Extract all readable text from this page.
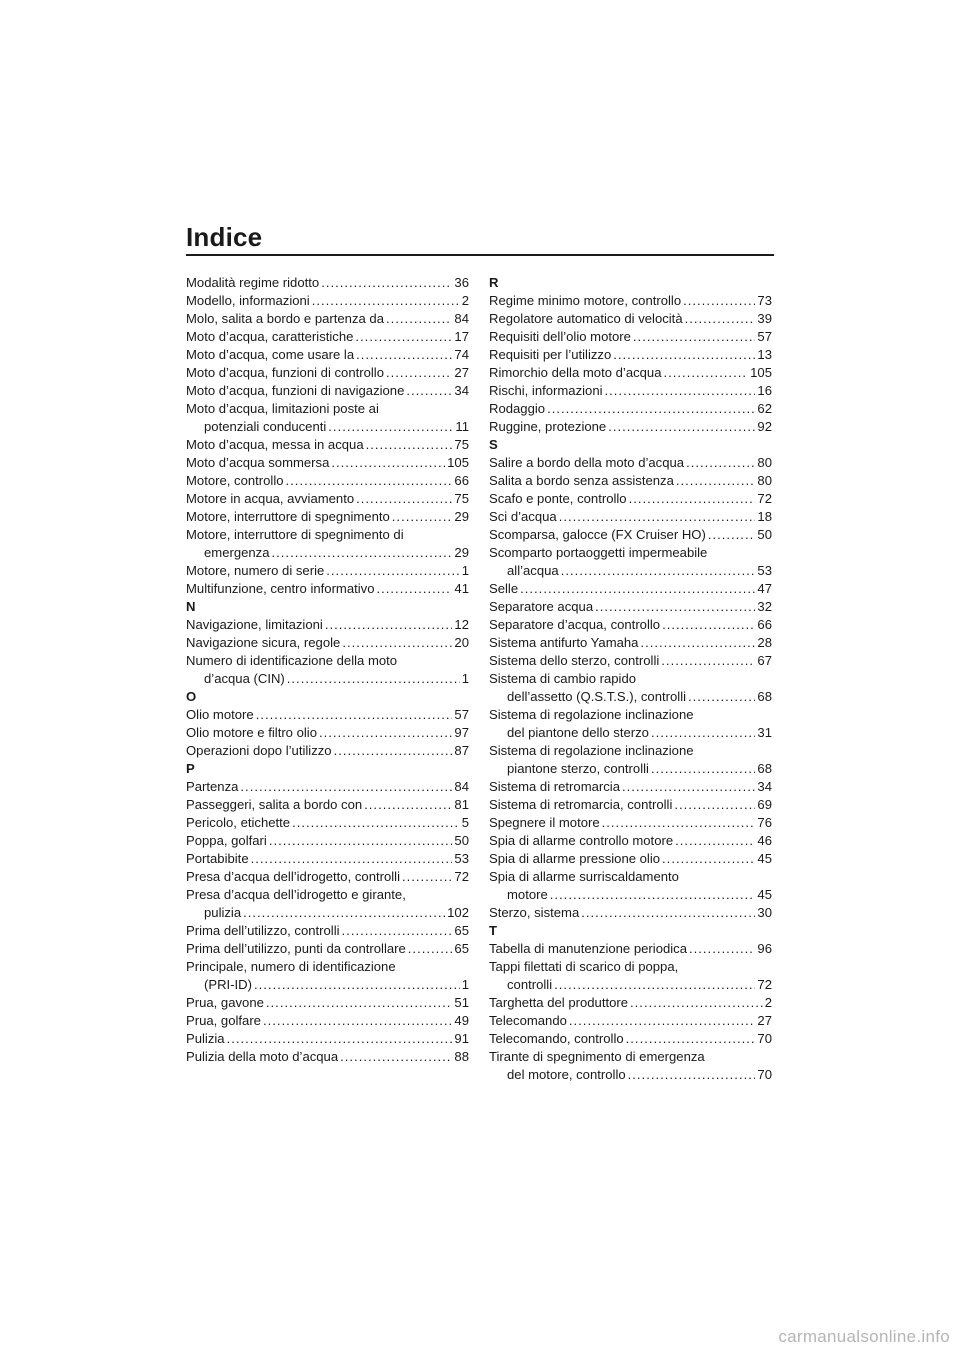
Indice
Modalità regime ridotto .....	36
Modello, informazioni .....	2
Molo, salita a bordo e partenza da .....	84
Moto d’acqua, caratteristiche .....	17
Moto d’acqua, come usare la .....	74
Moto d’acqua, funzioni di controllo .....	27
Moto d’acqua, funzioni di navigazione .....	34
Moto d’acqua, limitazioni poste ai
potenziali conducenti .....	11
Moto d’acqua, messa in acqua .....	75
Moto d’acqua sommersa .....	105
Motore, controllo .....	66
Motore in acqua, avviamento .....	75
Motore, interruttore di spegnimento .....	29
Motore, interruttore di spegnimento di
emergenza .....	29
Motore, numero di serie .....	1
Multifunzione, centro informativo .....	41
N
Navigazione, limitazioni .....	12
Navigazione sicura, regole .....	20
Numero di identificazione della moto
d’acqua (CIN) .....	1
O
Olio motore .....	57
Olio motore e filtro olio .....	97
Operazioni dopo l’utilizzo .....	87
P
Partenza .....	84
Passeggeri, salita a bordo con .....	81
Pericolo, etichette .....	5
Poppa, golfari .....	50
Portabibite .....	53
Presa d’acqua dell’idrogetto, controlli .....	72
Presa d’acqua dell’idrogetto e girante,
pulizia .....	102
Prima dell’utilizzo, controlli .....	65
Prima dell’utilizzo, punti da controllare .....	65
Principale, numero di identificazione
(PRI-ID) .....	1
Prua, gavone .....	51
Prua, golfare .....	49
Pulizia .....	91
Pulizia della moto d’acqua .....	88
R
Regime minimo motore, controllo .....	73
Regolatore automatico di velocità .....	39
Requisiti dell’olio motore .....	57
Requisiti per l’utilizzo .....	13
Rimorchio della moto d’acqua .....	105
Rischi, informazioni .....	16
Rodaggio .....	62
Ruggine, protezione .....	92
S
Salire a bordo della moto d’acqua .....	80
Salita a bordo senza assistenza .....	80
Scafo e ponte, controllo .....	72
Sci d’acqua .....	18
Scomparsa, galocce (FX Cruiser HO) .....	50
Scomparto portaoggetti impermeabile
all’acqua .....	53
Selle .....	47
Separatore acqua .....	32
Separatore d’acqua, controllo .....	66
Sistema antifurto Yamaha .....	28
Sistema dello sterzo, controlli .....	67
Sistema di cambio rapido
dell’assetto (Q.S.T.S.), controlli .....	68
Sistema di regolazione inclinazione
del piantone dello sterzo .....	31
Sistema di regolazione inclinazione
piantone sterzo, controlli .....	68
Sistema di retromarcia .....	34
Sistema di retromarcia, controlli .....	69
Spegnere il motore .....	76
Spia di allarme controllo motore .....	46
Spia di allarme pressione olio .....	45
Spia di allarme surriscaldamento
motore .....	45
Sterzo, sistema .....	30
T
Tabella di manutenzione periodica .....	96
Tappi filettati di scarico di poppa,
controlli .....	72
Targhetta del produttore .....	2
Telecomando .....	27
Telecomando, controllo .....	70
Tirante di spegnimento di emergenza
del motore, controllo .....	70
carmanualsonline.info
